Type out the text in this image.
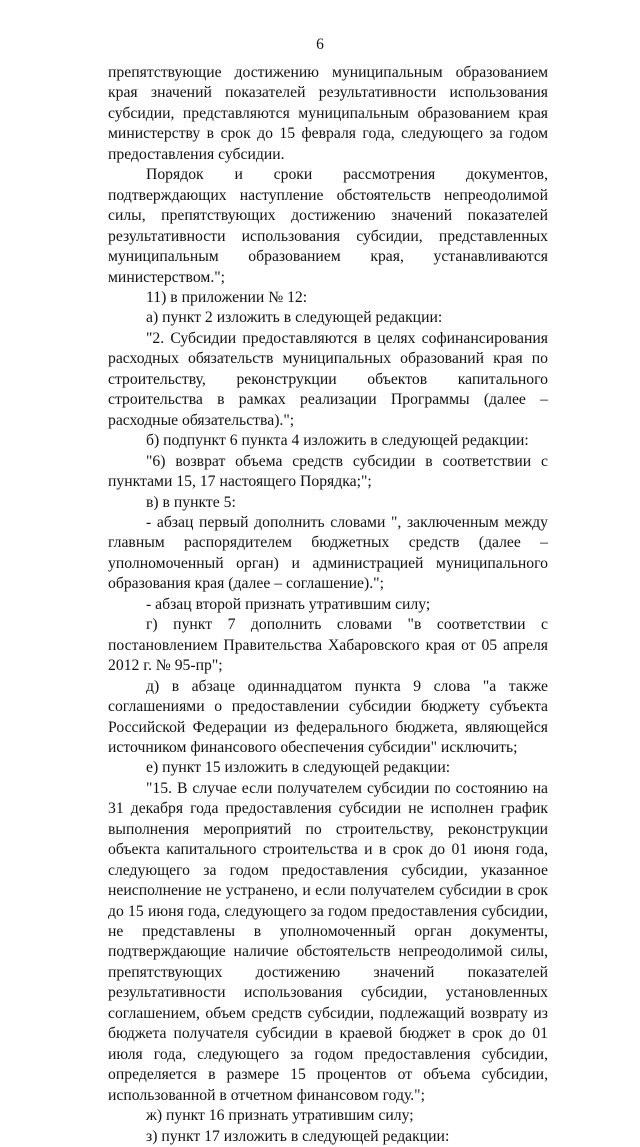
6

препятствующие достижению муниципальным образованием края значений показателей результативности использования субсидии, представляются муниципальным образованием края министерству в срок до 15 февраля года, следующего за годом предоставления субсидии.

Порядок и сроки рассмотрения документов, подтверждающих наступление обстоятельств непреодолимой силы, препятствующих достижению значений показателей результативности использования субсидии, представленных муниципальным образованием края, устанавливаются министерством.";

11) в приложении № 12:

а) пункт 2 изложить в следующей редакции:

"2. Субсидии предоставляются в целях софинансирования расходных обязательств муниципальных образований края по строительству, реконструкции объектов капитального строительства в рамках реализации Программы (далее – расходные обязательства).";

б) подпункт 6 пункта 4 изложить в следующей редакции:

"6) возврат объема средств субсидии в соответствии с пунктами 15, 17 настоящего Порядка;";

в) в пункте 5:

- абзац первый дополнить словами ", заключенным между главным распорядителем бюджетных средств (далее – уполномоченный орган) и администрацией муниципального образования края (далее – соглашение).";

- абзац второй признать утратившим силу;

г) пункт 7 дополнить словами "в соответствии с постановлением Правительства Хабаровского края от 05 апреля 2012 г. № 95-пр";

д) в абзаце одиннадцатом пункта 9 слова "а также соглашениями о предоставлении субсидии бюджету субъекта Российской Федерации из федерального бюджета, являющейся источником финансового обеспечения субсидии" исключить;

е) пункт 15 изложить в следующей редакции:

"15. В случае если получателем субсидии по состоянию на 31 декабря года предоставления субсидии не исполнен график выполнения мероприятий по строительству, реконструкции объекта капитального строительства и в срок до 01 июня года, следующего за годом предоставления субсидии, указанное неисполнение не устранено, и если получателем субсидии в срок до 15 июня года, следующего за годом предоставления субсидии, не представлены в уполномоченный орган документы, подтверждающие наличие обстоятельств непреодолимой силы, препятствующих достижению значений показателей результативности использования субсидии, установленных соглашением, объем средств субсидии, подлежащий возврату из бюджета получателя субсидии в краевой бюджет в срок до 01 июля года, следующего за годом предоставления субсидии, определяется в размере 15 процентов от объема субсидии, использованной в отчетном финансовом году.";

ж) пункт 16 признать утратившим силу;

з) пункт 17 изложить в следующей редакции:
